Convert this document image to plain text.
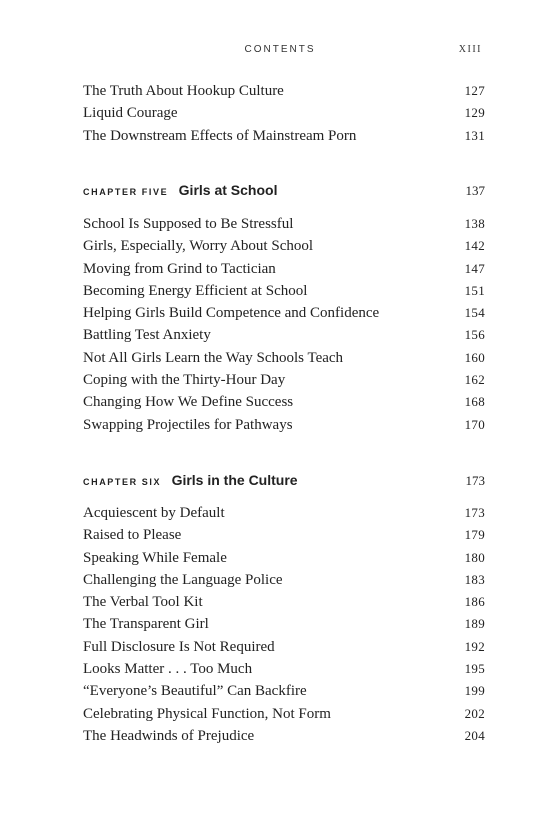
CONTENTS	XIII
The Truth About Hookup Culture	127
Liquid Courage	129
The Downstream Effects of Mainstream Porn	131
CHAPTER FIVE Girls at School	137
School Is Supposed to Be Stressful	138
Girls, Especially, Worry About School	142
Moving from Grind to Tactician	147
Becoming Energy Efficient at School	151
Helping Girls Build Competence and Confidence	154
Battling Test Anxiety	156
Not All Girls Learn the Way Schools Teach	160
Coping with the Thirty-Hour Day	162
Changing How We Define Success	168
Swapping Projectiles for Pathways	170
CHAPTER SIX Girls in the Culture	173
Acquiescent by Default	173
Raised to Please	179
Speaking While Female	180
Challenging the Language Police	183
The Verbal Tool Kit	186
The Transparent Girl	189
Full Disclosure Is Not Required	192
Looks Matter . . . Too Much	195
“Everyone’s Beautiful” Can Backfire	199
Celebrating Physical Function, Not Form	202
The Headwinds of Prejudice	204
